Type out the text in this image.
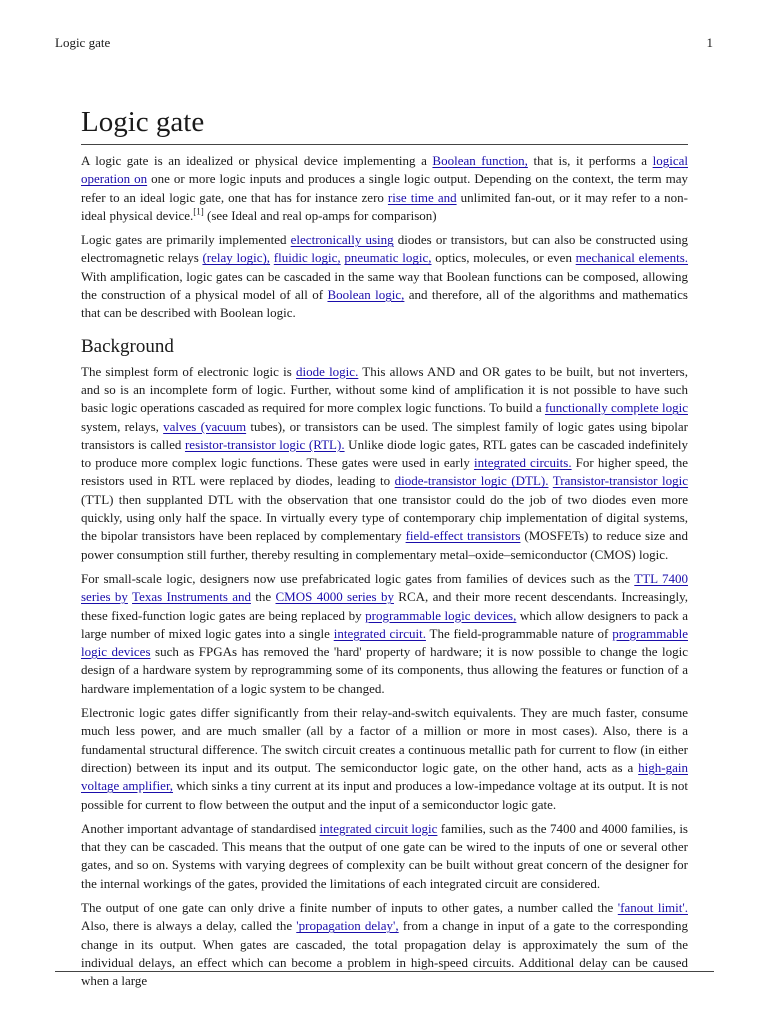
Logic gate	1
Logic gate

A logic gate is an idealized or physical device implementing a Boolean function, that is, it performs a logical operation on one or more logic inputs and produces a single logic output. Depending on the context, the term may refer to an ideal logic gate, one that has for instance zero rise time and unlimited fan-out, or it may refer to a non-ideal physical device.[1] (see Ideal and real op-amps for comparison)

Logic gates are primarily implemented electronically using diodes or transistors, but can also be constructed using electromagnetic relays (relay logic), fluidic logic, pneumatic logic, optics, molecules, or even mechanical elements. With amplification, logic gates can be cascaded in the same way that Boolean functions can be composed, allowing the construction of a physical model of all of Boolean logic, and therefore, all of the algorithms and mathematics that can be described with Boolean logic.

Background

The simplest form of electronic logic is diode logic. This allows AND and OR gates to be built, but not inverters, and so is an incomplete form of logic. Further, without some kind of amplification it is not possible to have such basic logic operations cascaded as required for more complex logic functions. To build a functionally complete logic system, relays, valves (vacuum tubes), or transistors can be used. The simplest family of logic gates using bipolar transistors is called resistor-transistor logic (RTL). Unlike diode logic gates, RTL gates can be cascaded indefinitely to produce more complex logic functions. These gates were used in early integrated circuits. For higher speed, the resistors used in RTL were replaced by diodes, leading to diode-transistor logic (DTL). Transistor-transistor logic (TTL) then supplanted DTL with the observation that one transistor could do the job of two diodes even more quickly, using only half the space. In virtually every type of contemporary chip implementation of digital systems, the bipolar transistors have been replaced by complementary field-effect transistors (MOSFETs) to reduce size and power consumption still further, thereby resulting in complementary metal–oxide–semiconductor (CMOS) logic.

For small-scale logic, designers now use prefabricated logic gates from families of devices such as the TTL 7400 series by Texas Instruments and the CMOS 4000 series by RCA, and their more recent descendants. Increasingly, these fixed-function logic gates are being replaced by programmable logic devices, which allow designers to pack a large number of mixed logic gates into a single integrated circuit. The field-programmable nature of programmable logic devices such as FPGAs has removed the 'hard' property of hardware; it is now possible to change the logic design of a hardware system by reprogramming some of its components, thus allowing the features or function of a hardware implementation of a logic system to be changed.

Electronic logic gates differ significantly from their relay-and-switch equivalents. They are much faster, consume much less power, and are much smaller (all by a factor of a million or more in most cases). Also, there is a fundamental structural difference. The switch circuit creates a continuous metallic path for current to flow (in either direction) between its input and its output. The semiconductor logic gate, on the other hand, acts as a high-gain voltage amplifier, which sinks a tiny current at its input and produces a low-impedance voltage at its output. It is not possible for current to flow between the output and the input of a semiconductor logic gate.

Another important advantage of standardised integrated circuit logic families, such as the 7400 and 4000 families, is that they can be cascaded. This means that the output of one gate can be wired to the inputs of one or several other gates, and so on. Systems with varying degrees of complexity can be built without great concern of the designer for the internal workings of the gates, provided the limitations of each integrated circuit are considered.

The output of one gate can only drive a finite number of inputs to other gates, a number called the 'fanout limit'. Also, there is always a delay, called the 'propagation delay', from a change in input of a gate to the corresponding change in its output. When gates are cascaded, the total propagation delay is approximately the sum of the individual delays, an effect which can become a problem in high-speed circuits. Additional delay can be caused when a large
